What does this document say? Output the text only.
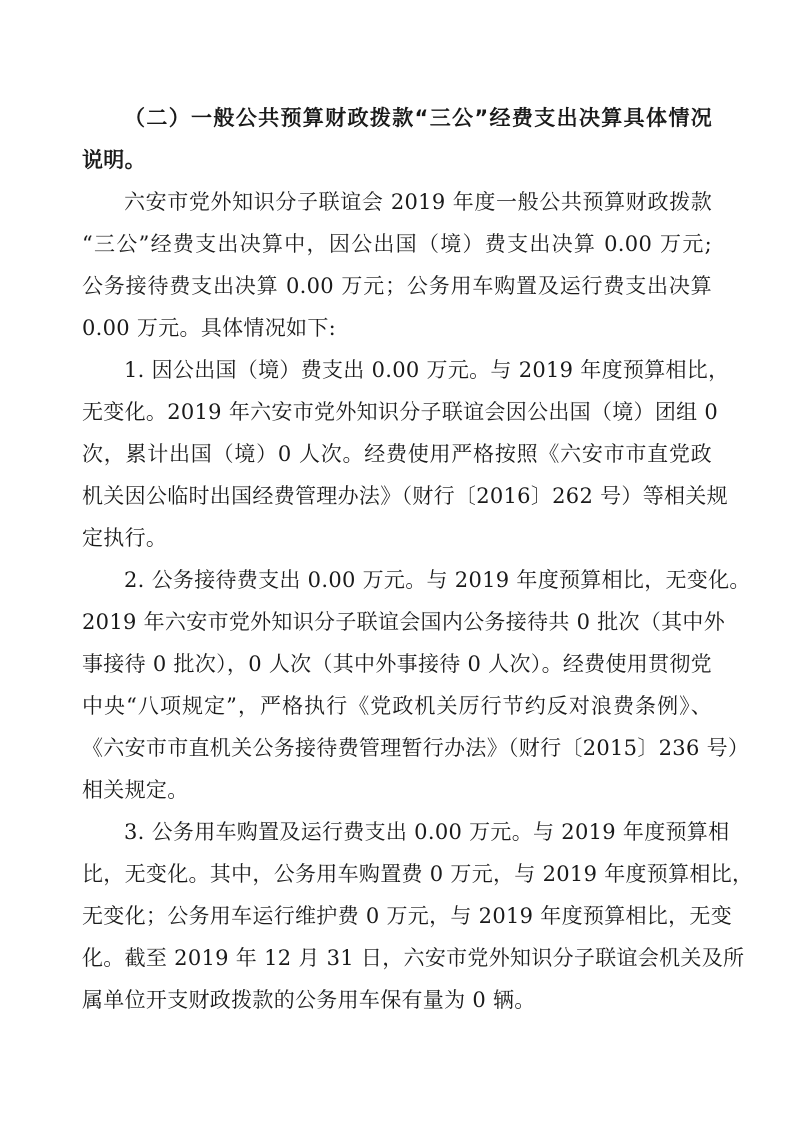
（二）一般公共预算财政拨款“三公”经费支出决算具体情况
说明。
六安市党外知识分子联谊会 2019 年度一般公共预算财政拨款
“三公”经费支出决算中，因公出国（境）费支出决算 0.00 万元;
公务接待费支出决算 0.00 万元；公务用车购置及运行费支出决算
0.00 万元。具体情况如下:
1. 因公出国（境）费支出 0.00 万元。与 2019 年度预算相比，
无变化。2019 年六安市党外知识分子联谊会因公出国（境）团组 0
次，累计出国（境）0 人次。经费使用严格按照《六安市市直党政
机关因公临时出国经费管理办法》（财行〔2016〕262 号）等相关规
定执行。
2. 公务接待费支出 0.00 万元。与 2019 年度预算相比，无变化。
2019 年六安市党外知识分子联谊会国内公务接待共 0 批次（其中外
事接待 0 批次），0 人次（其中外事接待 0 人次）。经费使用贯彻党
中央“八项规定”，严格执行《党政机关厉行节约反对浪费条例》、
《六安市市直机关公务接待费管理暂行办法》（财行〔2015〕236 号）
相关规定。
3. 公务用车购置及运行费支出 0.00 万元。与 2019 年度预算相
比，无变化。其中，公务用车购置费 0 万元，与 2019 年度预算相比，
无变化；公务用车运行维护费 0 万元，与 2019 年度预算相比，无变
化。截至 2019 年 12 月 31 日，六安市党外知识分子联谊会机关及所
属单位开支财政拨款的公务用车保有量为 0 辆。
